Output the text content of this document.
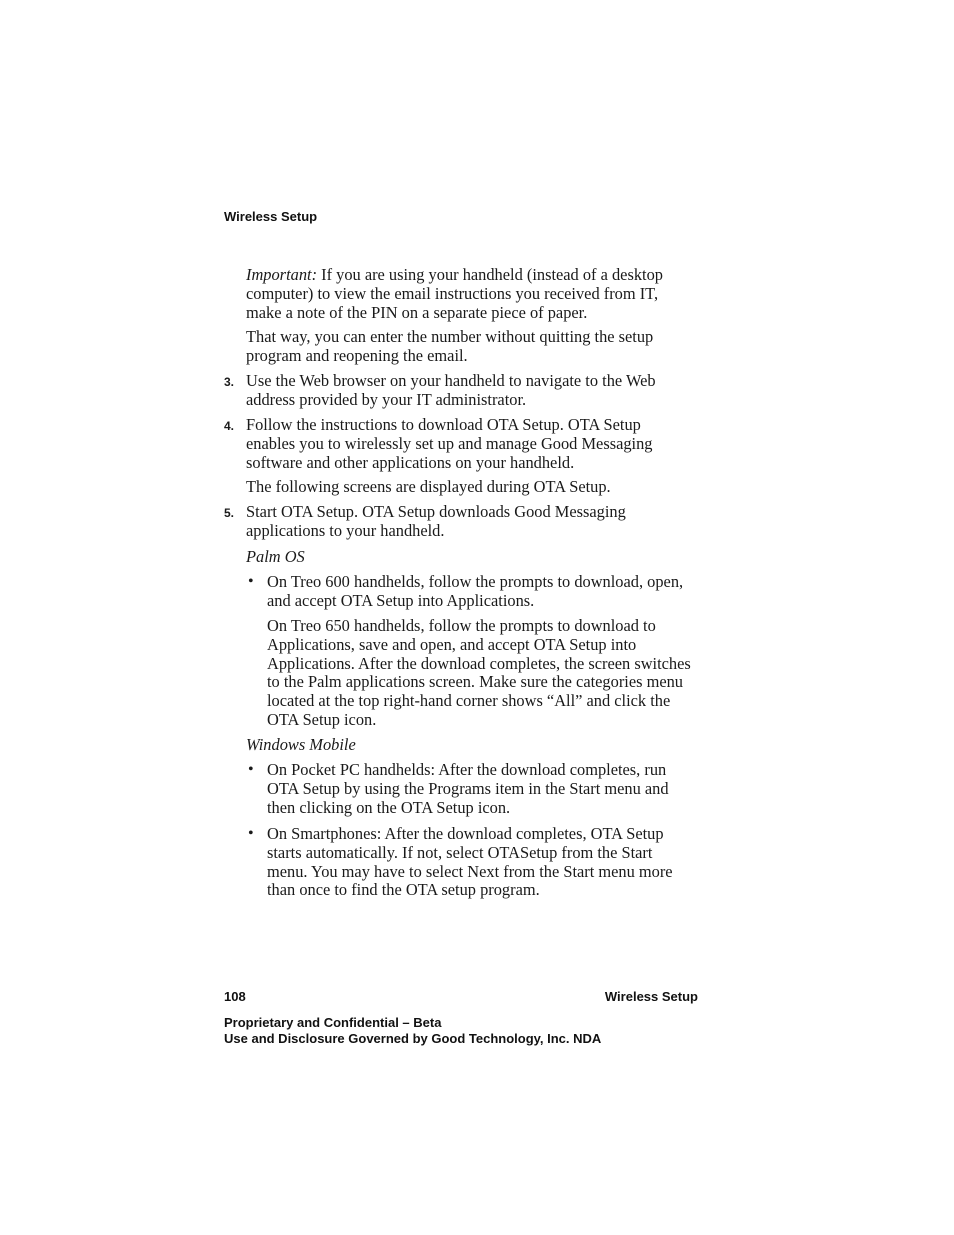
Wireless Setup
Important: If you are using your handheld (instead of a desktop computer) to view the email instructions you received from IT, make a note of the PIN on a separate piece of paper.
That way, you can enter the number without quitting the setup program and reopening the email.
3. Use the Web browser on your handheld to navigate to the Web address provided by your IT administrator.
4. Follow the instructions to download OTA Setup. OTA Setup enables you to wirelessly set up and manage Good Messaging software and other applications on your handheld.
The following screens are displayed during OTA Setup.
5. Start OTA Setup. OTA Setup downloads Good Messaging applications to your handheld.
Palm OS
• On Treo 600 handhelds, follow the prompts to download, open, and accept OTA Setup into Applications.
On Treo 650 handhelds, follow the prompts to download to Applications, save and open, and accept OTA Setup into Applications. After the download completes, the screen switches to the Palm applications screen. Make sure the categories menu located at the top right-hand corner shows “All” and click the OTA Setup icon.
Windows Mobile
• On Pocket PC handhelds: After the download completes, run OTA Setup by using the Programs item in the Start menu and then clicking on the OTA Setup icon.
• On Smartphones: After the download completes, OTA Setup starts automatically. If not, select OTASetup from the Start menu. You may have to select Next from the Start menu more than once to find the OTA setup program.
108	Wireless Setup
Proprietary and Confidential – Beta
Use and Disclosure Governed by Good Technology, Inc. NDA
